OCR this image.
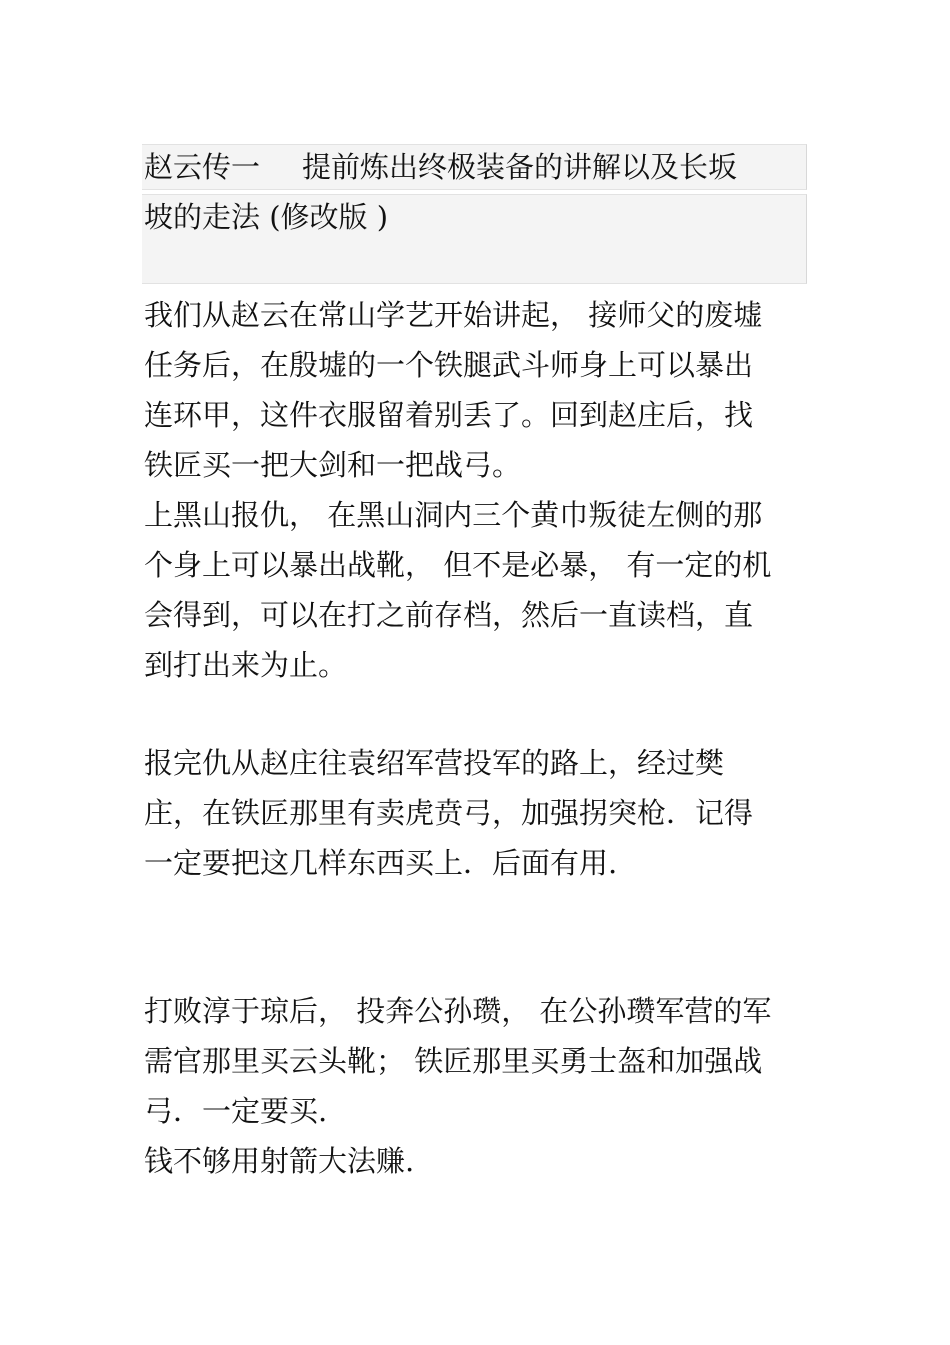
赵云传一 提前炼出终极装备的讲解以及长坂
坡的走法 (修改版 )
我们从赵云在常山学艺开始讲起， 接师父的废墟
任务后，在殷墟的一个铁腿武斗师身上可以暴出
连环甲，这件衣服留着别丢了。回到赵庄后，找
铁匠买一把大剑和一把战弓。
上黑山报仇， 在黑山洞内三个黄巾叛徒左侧的那
个身上可以暴出战靴， 但不是必暴， 有一定的机
会得到，可以在打之前存档，然后一直读档，直
到打出来为止。
报完仇从赵庄往袁绍军营投军的路上，经过樊
庄，在铁匠那里有卖虎贲弓，加强拐突枪．记得
一定要把这几样东西买上．后面有用.
打败淳于琼后， 投奔公孙瓒， 在公孙瓒军营的军
需官那里买云头靴； 铁匠那里买勇士盔和加强战
弓．一定要买.
钱不够用射箭大法赚.
